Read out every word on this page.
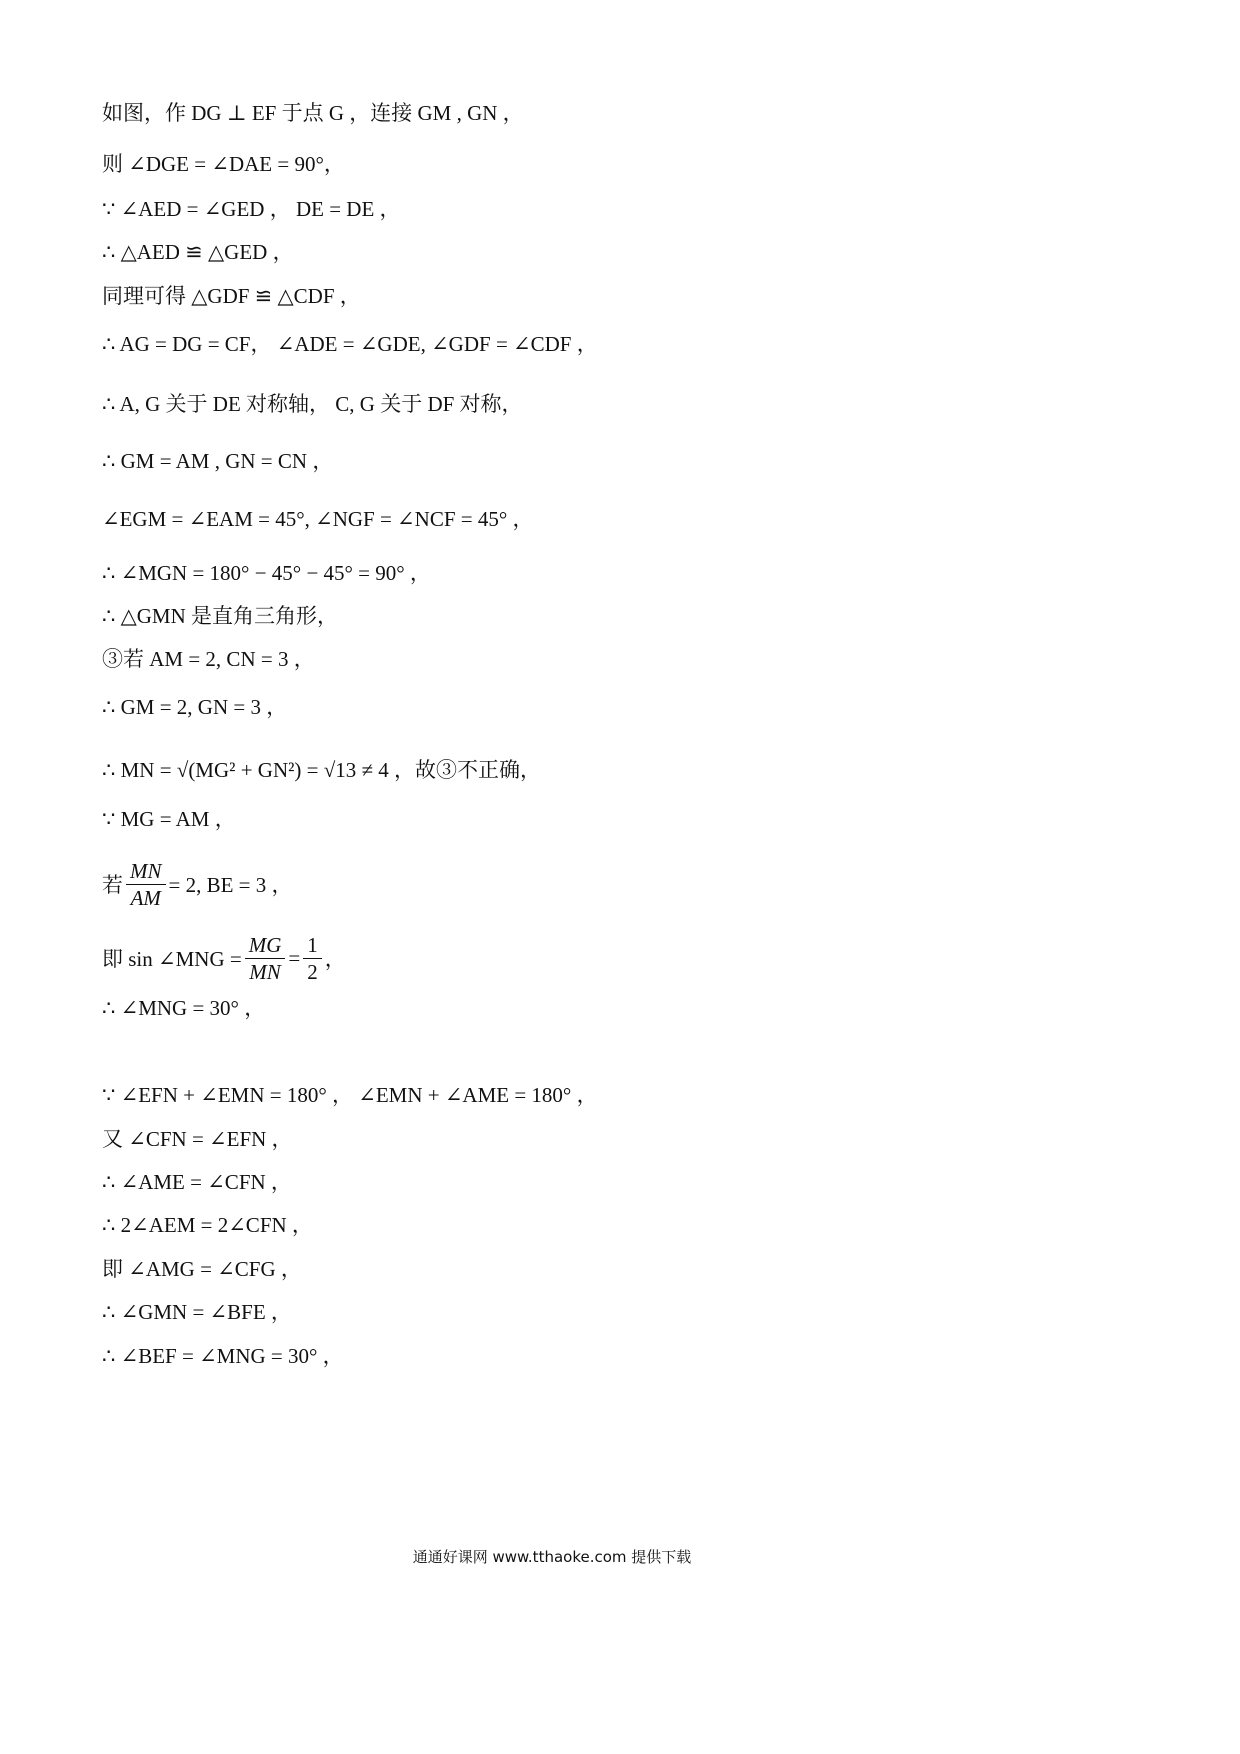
如图，作 DG ⊥ EF 于点 G ，连接 GM , GN ，
则 ∠DGE = ∠DAE = 90°，
∵ ∠AED = ∠GED ， DE = DE ，
∴ △AED ≌ △GED ，
同理可得 △GDF ≌ △CDF ，
∴ AG = DG = CF， ∠ADE = ∠GDE, ∠GDF = ∠CDF ，
∴ A, G 关于 DE 对称轴， C, G 关于 DF 对称，
∴ GM = AM , GN = CN ，
∠EGM = ∠EAM = 45°, ∠NGF = ∠NCF = 45° ，
∴ ∠MGN = 180° − 45° − 45° = 90° ，
∴ △GMN 是直角三角形，
③若 AM = 2, CN = 3 ，
∴ GM = 2, GN = 3 ，
∴ MN = √(MG² + GN²) = √13 ≠ 4 ，故③不正确，
∵ MG = AM ，
若 $\frac{MN}{AM} = 2$, BE = 3 ，
即 sin ∠MNG = $\frac{MG}{MN} = \frac{1}{2}$ ，
∴ ∠MNG = 30° ，
∵ ∠EFN + ∠EMN = 180° ， ∠EMN + ∠AME = 180° ，
又 ∠CFN = ∠EFN ，
∴ ∠AME = ∠CFN ，
∴ 2∠AEM = 2∠CFN ，
即 ∠AMG = ∠CFG ，
∴ ∠GMN = ∠BFE ，
∴ ∠BEF = ∠MNG = 30° ，
通通好课网 www.tthaoke.com 提供下载
